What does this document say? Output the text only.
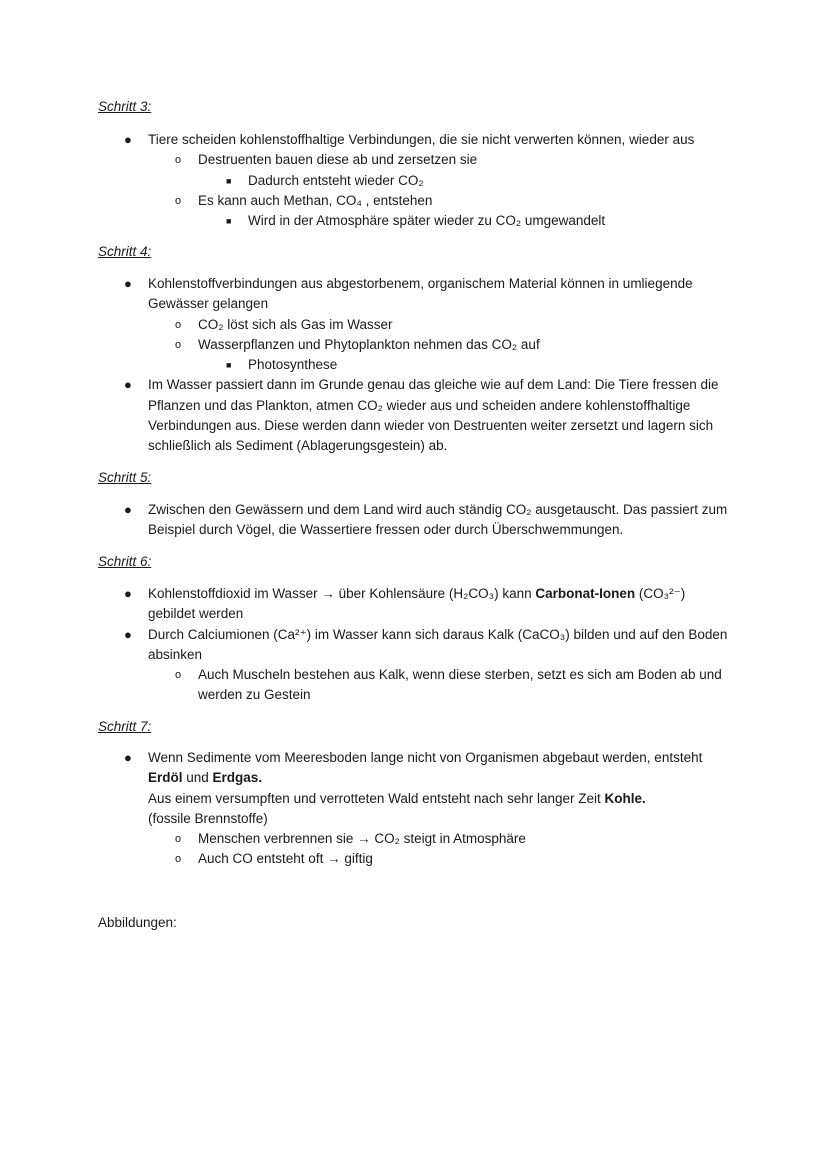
Schritt 3:
● Tiere scheiden kohlenstoffhaltige Verbindungen, die sie nicht verwerten können, wieder aus
o Destruenten bauen diese ab und zersetzen sie
■ Dadurch entsteht wieder CO₂
o Es kann auch Methan, CO₄ , entstehen
■ Wird in der Atmosphäre später wieder zu CO₂ umgewandelt
Schritt 4:
● Kohlenstoffverbindungen aus abgestorbenem, organischem Material können in umliegende Gewässer gelangen
o CO₂ löst sich als Gas im Wasser
o Wasserpflanzen und Phytoplankton nehmen das CO₂ auf
■ Photosynthese
● Im Wasser passiert dann im Grunde genau das gleiche wie auf dem Land: Die Tiere fressen die Pflanzen und das Plankton, atmen CO₂ wieder aus und scheiden andere kohlenstoffhaltige Verbindungen aus. Diese werden dann wieder von Destruenten weiter zersetzt und lagern sich schließlich als Sediment (Ablagerungsgestein) ab.
Schritt 5:
● Zwischen den Gewässern und dem Land wird auch ständig CO₂ ausgetauscht. Das passiert zum Beispiel durch Vögel, die Wassertiere fressen oder durch Überschwemmungen.
Schritt 6:
● Kohlenstoffdioxid im Wasser → über Kohlensäure (H₂CO₃) kann Carbonat-Ionen (CO₃²⁻) gebildet werden
● Durch Calciumionen (Ca²⁺) im Wasser kann sich daraus Kalk (CaCO₃) bilden und auf den Boden absinken
o Auch Muscheln bestehen aus Kalk, wenn diese sterben, setzt es sich am Boden ab und werden zu Gestein
Schritt 7:
● Wenn Sedimente vom Meeresboden lange nicht von Organismen abgebaut werden, entsteht Erdöl und Erdgas.
Aus einem versumpften und verrotteten Wald entsteht nach sehr langer Zeit Kohle.
(fossile Brennstoffe)
o Menschen verbrennen sie → CO₂ steigt in Atmosphäre
o Auch CO entsteht oft → giftig

Abbildungen:
